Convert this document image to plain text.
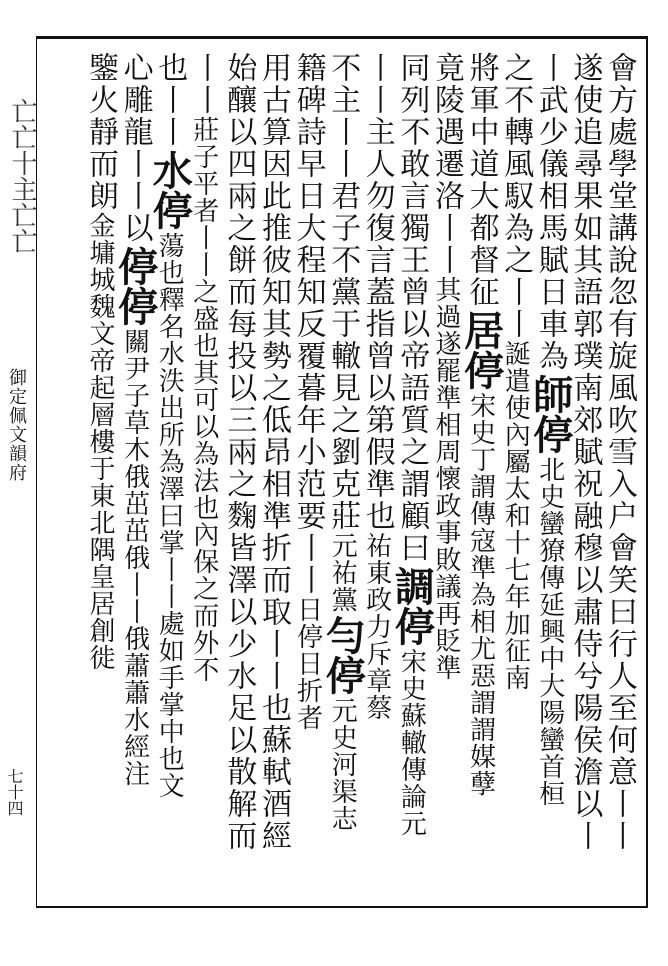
亡亡十主亡亡
御定佩文韻府
七十四	會方處學堂講說忽有旋風吹雪入户會笑曰行人至何意丨丨
遂使追尋果如其語郭璞南郊賦祝融穆以肅侍兮陽侯澹以丨
丨武少儀相馬賦日車為師停北史蠻獠傳延興中大陽蠻首桓
之不轉風馭為之丨丨誕遣使內屬太和十七年加征南
將軍中道大都督征居停宋史丁謂傳寇準為相尤惡謂謂媒孽
竟陵遇遷洛丨丨其過遂罷準相周懷政事敗議再貶準
同列不敢言獨王曾以帝語質之謂顧曰調停宋史蘇轍傳論元
丨丨主人勿復言蓋指曾以第假準也祐東政力斥章蔡
不主丨丨君子不黨于轍見之劉克莊元祐黨勻停元史河渠志
籍碑詩早日大程知反覆暮年小范要丨丨日停日折者
用古算因此推彼知其勢之低昂相準折而取丨丨也蘇軾酒經
始釀以四兩之餅而每投以三兩之麴皆澤以少水足以散解而
丨丨莊子平者丨丨之盛也其可以為法也內保之而外不
也丨丨水停蕩也釋名水泆出所為澤曰掌丨丨處如手掌中也文
心雕龍丨丨以停停關尹子草木俄茁茁俄丨丨俄蕭蕭水經注
鑒火靜而朗金墉城魏文帝起層樓于東北隅皇居創徙
